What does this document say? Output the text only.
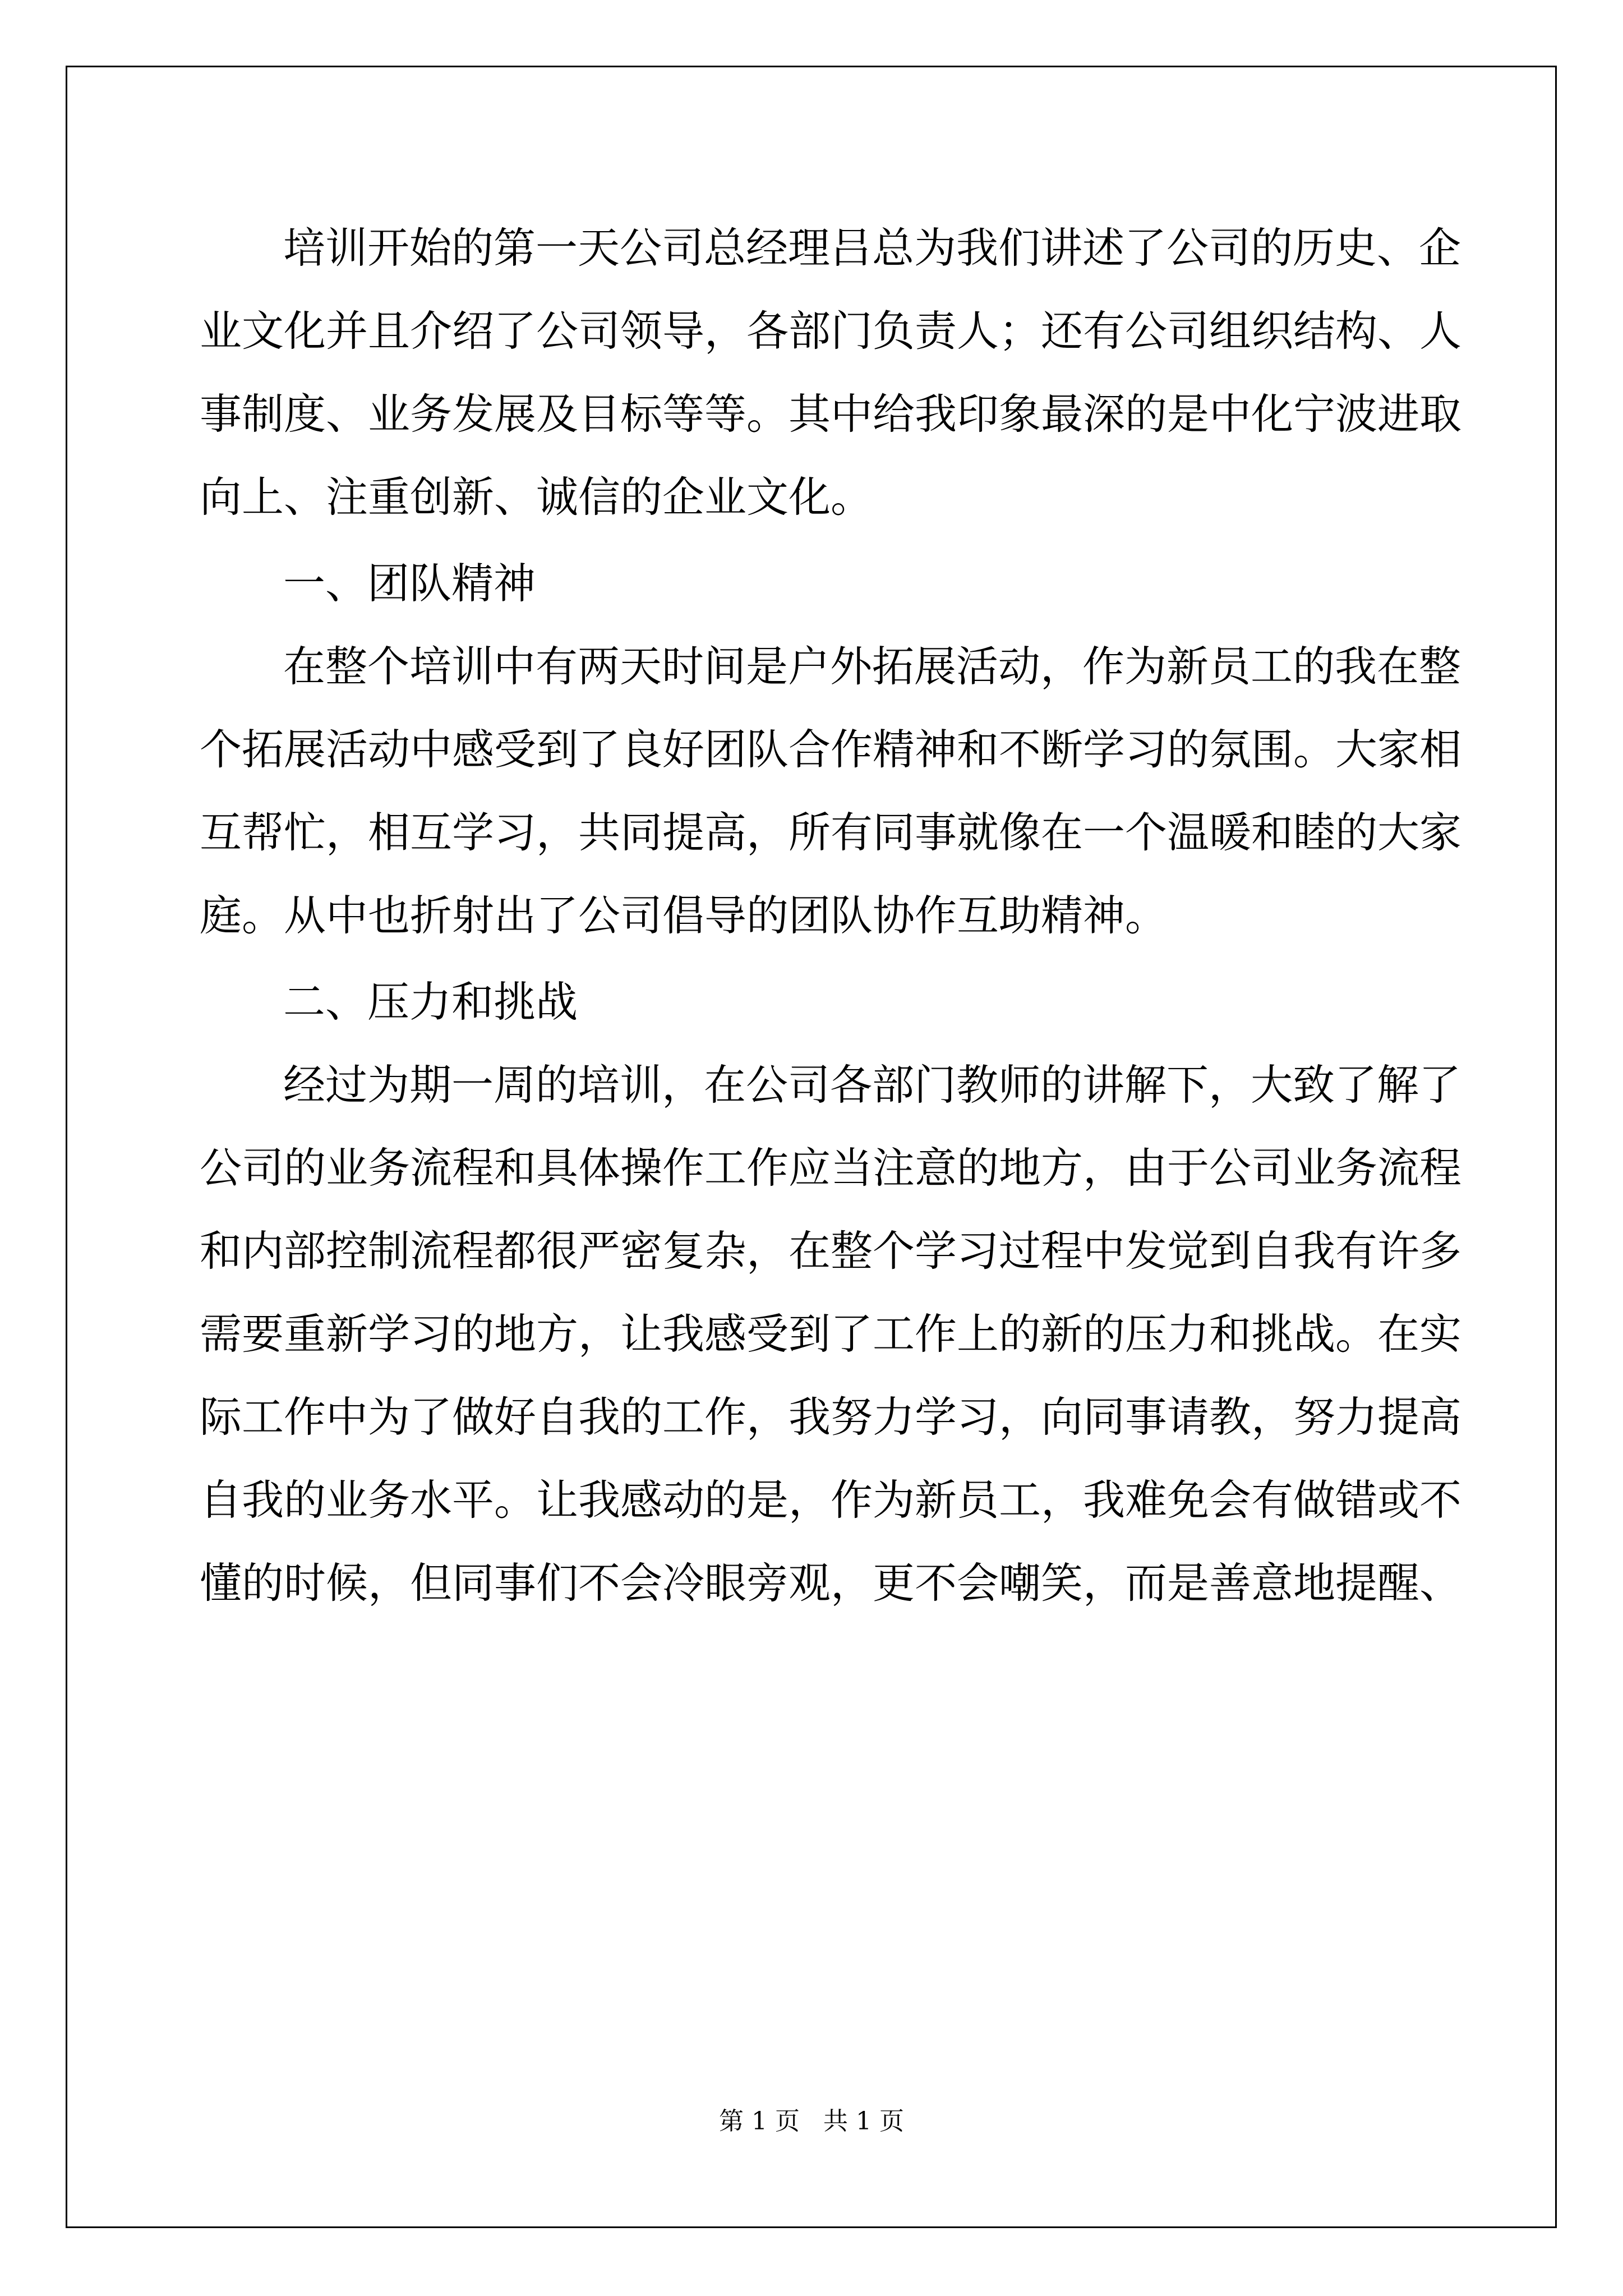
培训开始的第一天公司总经理吕总为我们讲述了公司的历史、企
业文化并且介绍了公司领导，各部门负责人；还有公司组织结构、人
事制度、业务发展及目标等等。其中给我印象最深的是中化宁波进取
向上、注重创新、诚信的企业文化。
一、团队精神
在整个培训中有两天时间是户外拓展活动，作为新员工的我在整
个拓展活动中感受到了良好团队合作精神和不断学习的氛围。大家相
互帮忙，相互学习，共同提高，所有同事就像在一个温暖和睦的大家
庭。从中也折射出了公司倡导的团队协作互助精神。
二、压力和挑战
经过为期一周的培训，在公司各部门教师的讲解下，大致了解了
公司的业务流程和具体操作工作应当注意的地方，由于公司业务流程
和内部控制流程都很严密复杂，在整个学习过程中发觉到自我有许多
需要重新学习的地方，让我感受到了工作上的新的压力和挑战。在实
际工作中为了做好自我的工作，我努力学习，向同事请教，努力提高
自我的业务水平。让我感动的是，作为新员工，我难免会有做错或不
懂的时候，但同事们不会冷眼旁观，更不会嘲笑，而是善意地提醒、
第 1 页   共 1 页
